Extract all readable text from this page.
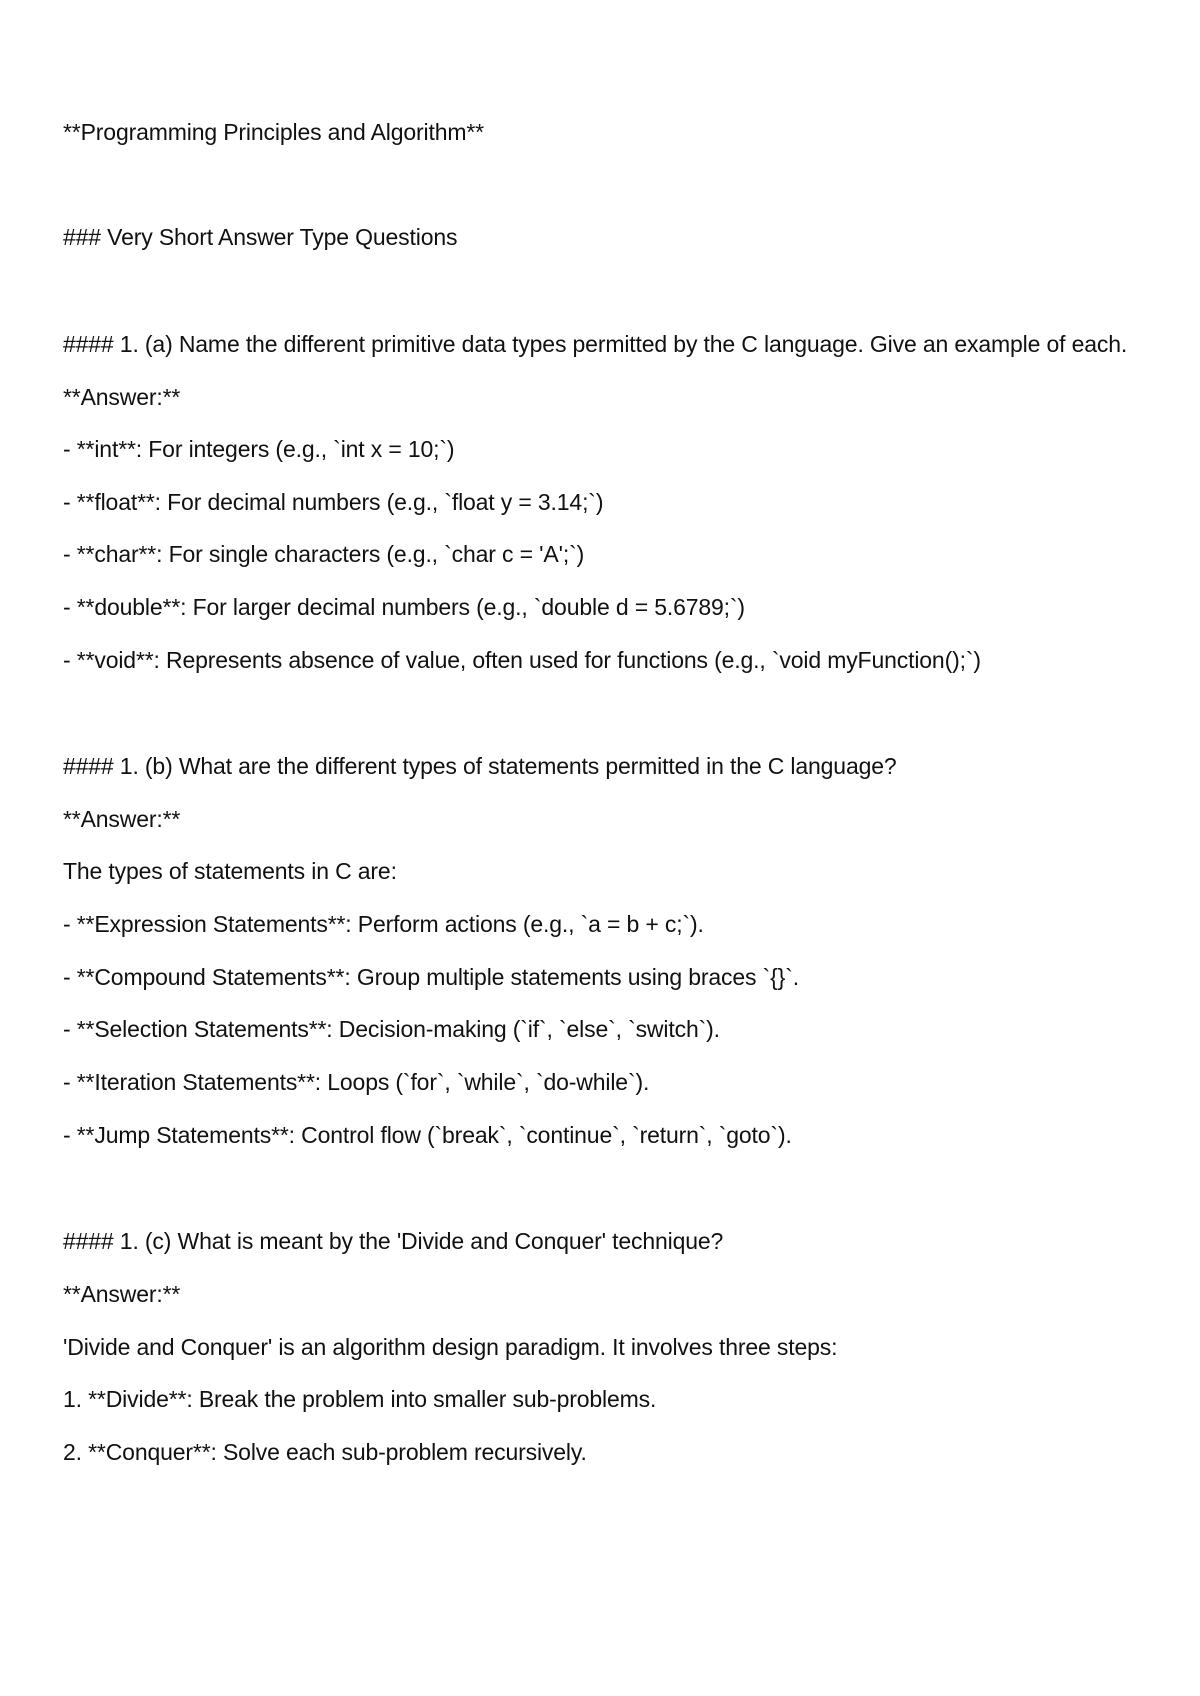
**Programming Principles and Algorithm**
### Very Short Answer Type Questions
#### 1. (a) Name the different primitive data types permitted by the C language. Give an example of each.
**Answer:**
- **int**: For integers (e.g., `int x = 10;`)
- **float**: For decimal numbers (e.g., `float y = 3.14;`)
- **char**: For single characters (e.g., `char c = 'A';`)
- **double**: For larger decimal numbers (e.g., `double d = 5.6789;`)
- **void**: Represents absence of value, often used for functions (e.g., `void myFunction();`)
#### 1. (b) What are the different types of statements permitted in the C language?
**Answer:**
The types of statements in C are:
- **Expression Statements**: Perform actions (e.g., `a = b + c;`).
- **Compound Statements**: Group multiple statements using braces `{}`.
- **Selection Statements**: Decision-making (`if`, `else`, `switch`).
- **Iteration Statements**: Loops (`for`, `while`, `do-while`).
- **Jump Statements**: Control flow (`break`, `continue`, `return`, `goto`).
#### 1. (c) What is meant by the 'Divide and Conquer' technique?
**Answer:**
'Divide and Conquer' is an algorithm design paradigm. It involves three steps:
1. **Divide**: Break the problem into smaller sub-problems.
2. **Conquer**: Solve each sub-problem recursively.
